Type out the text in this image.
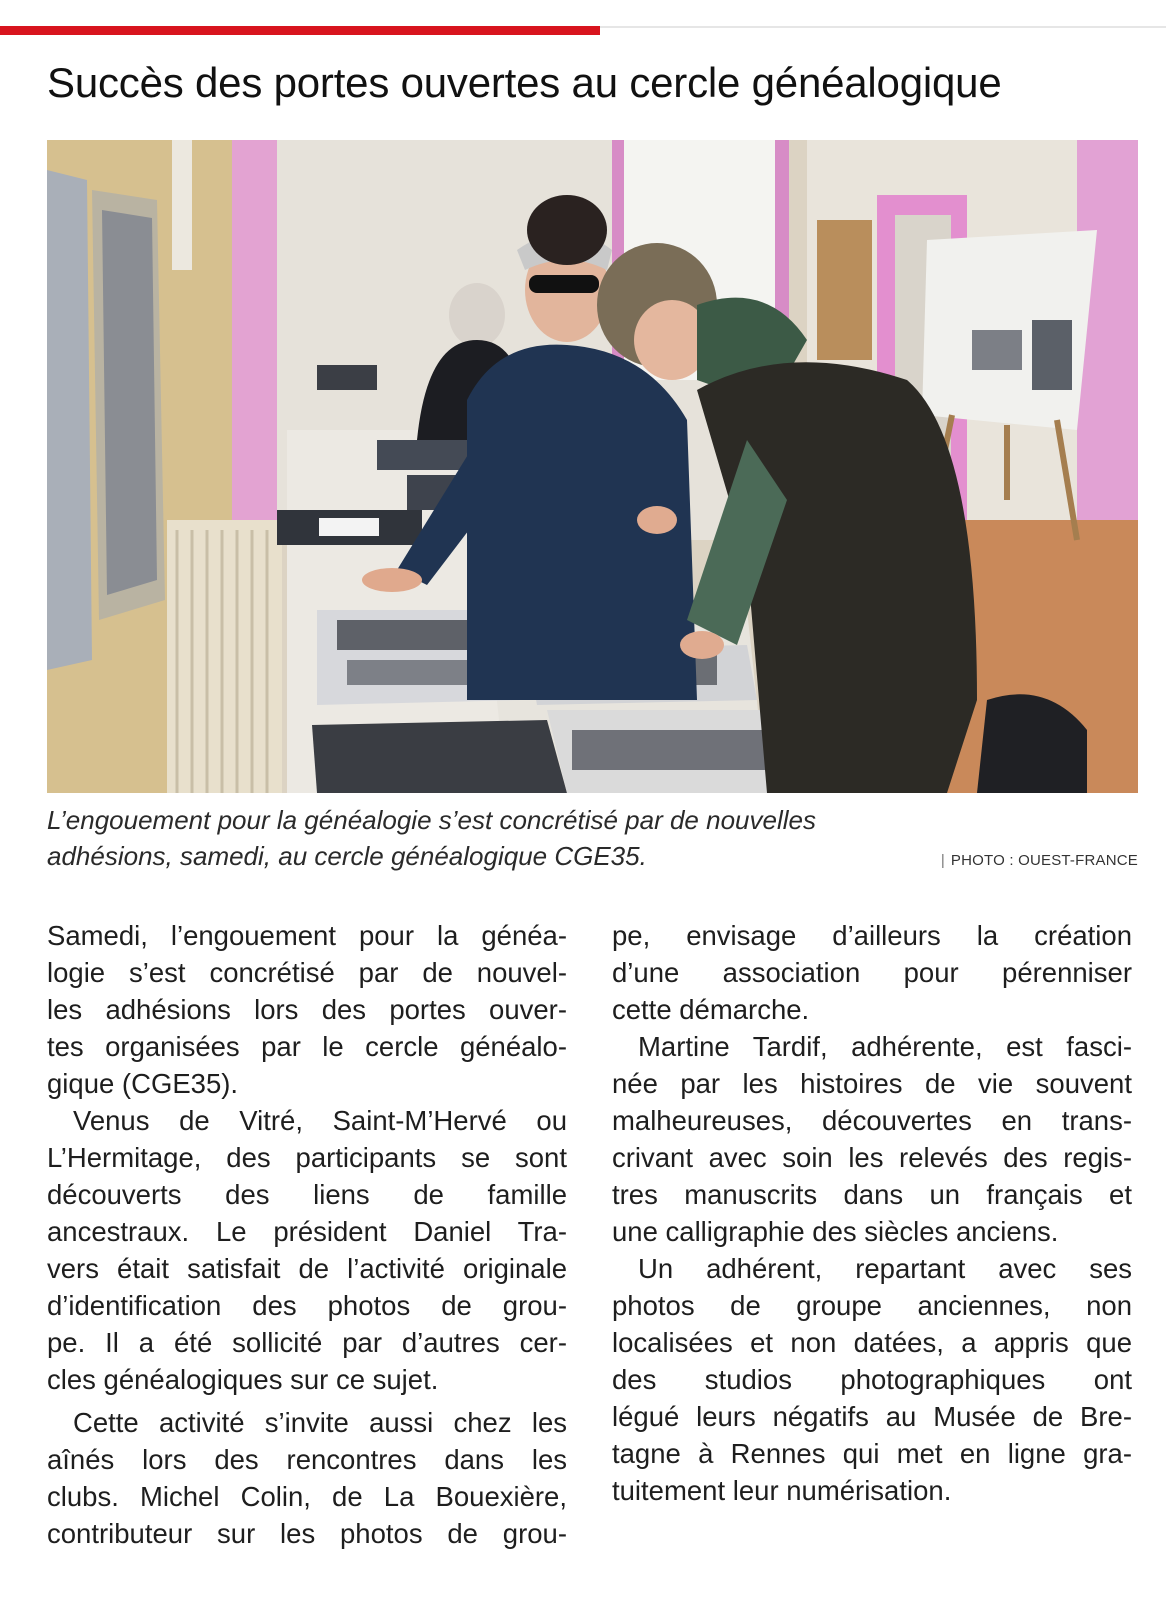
Succès des portes ouvertes au cercle généalogique

L’engouement pour la généalogie s’est concrétisé par de nouvelles

adhésions, samedi, au cercle généalogique CGE35.	| PHOTO : OUEST-FRANCE

Samedi, l’engouement pour la généa-
logie s’est concrétisé par de nouvel-
les adhésions lors des portes ouver-
tes organisées par le cercle généalo-
gique (CGE35).

Venus de Vitré, Saint-M’Hervé ou
L’Hermitage, des participants se sont
découverts des liens de famille
ancestraux. Le président Daniel Tra-
vers était satisfait de l’activité originale
d’identification des photos de grou-
pe. Il a été sollicité par d’autres cer-
cles généalogiques sur ce sujet.

Cette activité s’invite aussi chez les
aînés lors des rencontres dans les
clubs. Michel Colin, de La Bouexière,
contributeur sur les photos de grou-

pe, envisage d’ailleurs la création
d’une association pour pérenniser
cette démarche.

Martine Tardif, adhérente, est fasci-
née par les histoires de vie souvent
malheureuses, découvertes en trans-
crivant avec soin les relevés des regis-
tres manuscrits dans un français et
une calligraphie des siècles anciens.

Un adhérent, repartant avec ses
photos de groupe anciennes, non
localisées et non datées, a appris que
des studios photographiques ont
légué leurs négatifs au Musée de Bre-
tagne à Rennes qui met en ligne gra-
tuitement leur numérisation.
